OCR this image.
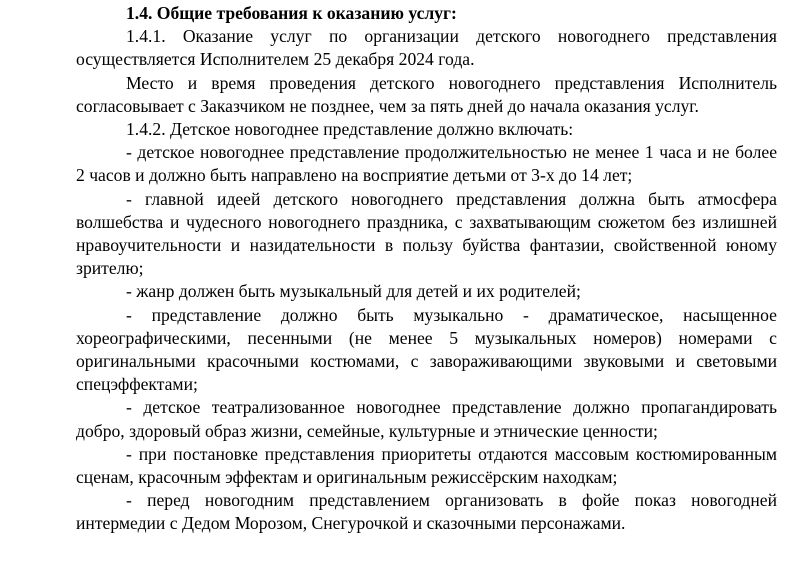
1.4. Общие требования к оказанию услуг:

1.4.1. Оказание услуг по организации детского новогоднего представления осуществляется Исполнителем 25 декабря 2024 года.

Место и время проведения детского новогоднего представления Исполнитель согласовывает с Заказчиком не позднее, чем за пять дней до начала оказания услуг.

1.4.2. Детское новогоднее представление должно включать:

- детское новогоднее представление продолжительностью не менее 1 часа и не более 2 часов и должно быть направлено на восприятие детьми от 3-х до 14 лет;

- главной идеей детского новогоднего представления должна быть атмосфера волшебства и чудесного новогоднего праздника, с захватывающим сюжетом без излишней нравоучительности и назидательности в пользу буйства фантазии, свойственной юному зрителю;

- жанр должен быть музыкальный для детей и их родителей;

- представление должно быть музыкально - драматическое, насыщенное хореографическими, песенными (не менее 5 музыкальных номеров) номерами с оригинальными красочными костюмами, с завораживающими звуковыми и световыми спецэффектами;

- детское театрализованное новогоднее представление должно пропагандировать добро, здоровый образ жизни, семейные, культурные и этнические ценности;

- при постановке представления приоритеты отдаются массовым костюмированным сценам, красочным эффектам и оригинальным режиссёрским находкам;

- перед новогодним представлением организовать в фойе показ новогодней интермедии с Дедом Морозом, Снегурочкой и сказочными персонажами.
